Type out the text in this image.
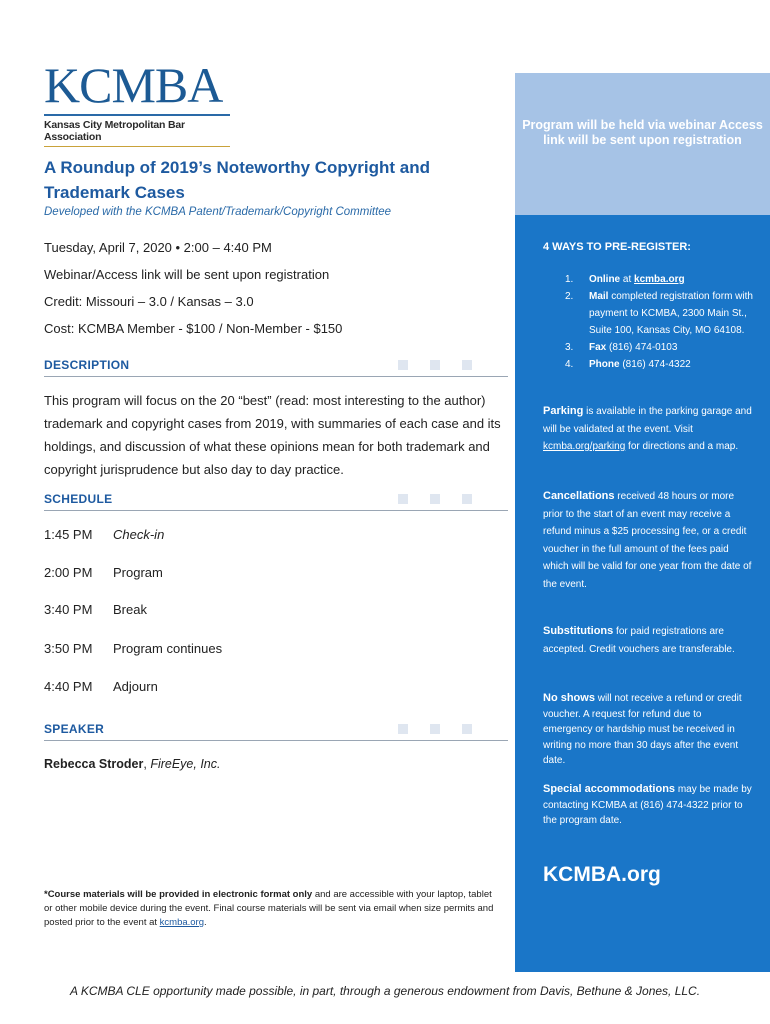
KCMBA
Kansas City Metropolitan Bar Association
A Roundup of 2019’s Noteworthy Copyright and Trademark Cases
Developed with the KCMBA Patent/Trademark/Copyright Committee
Tuesday, April 7, 2020 • 2:00 – 4:40 PM
Webinar/Access link will be sent upon registration
Credit: Missouri – 3.0 / Kansas – 3.0
Cost: KCMBA Member - $100 / Non-Member - $150
DESCRIPTION
This program will focus on the 20 “best” (read: most interesting to the author) trademark and copyright cases from 2019, with summaries of each case and its holdings, and discussion of what these opinions mean for both trademark and copyright jurisprudence but also day to day practice.
SCHEDULE
1:45 PM Check-in
2:00 PM Program
3:40 PM Break
3:50 PM Program continues
4:40 PM Adjourn
SPEAKER
Rebecca Stroder, FireEye, Inc.
*Course materials will be provided in electronic format only and are accessible with your laptop, tablet or other mobile device during the event. Final course materials will be sent via email when size permits and posted prior to the event at kcmba.org.
Program will be held via webinar Access link will be sent upon registration
4 WAYS TO PRE-REGISTER:
1. Online at kcmba.org
2. Mail completed registration form with payment to KCMBA, 2300 Main St., Suite 100, Kansas City, MO 64108.
3. Fax (816) 474-0103
4. Phone (816) 474-4322
Parking is available in the parking garage and will be validated at the event. Visit kcmba.org/parking for directions and a map.
Cancellations received 48 hours or more prior to the start of an event may receive a refund minus a $25 processing fee, or a credit voucher in the full amount of the fees paid which will be valid for one year from the date of the event.
Substitutions for paid registrations are accepted. Credit vouchers are transferable.
No shows will not receive a refund or credit voucher. A request for refund due to emergency or hardship must be received in writing no more than 30 days after the event date.
Special accommodations may be made by contacting KCMBA at (816) 474-4322 prior to the program date.
KCMBA.org
A KCMBA CLE opportunity made possible, in part, through a generous endowment from Davis, Bethune & Jones, LLC.
